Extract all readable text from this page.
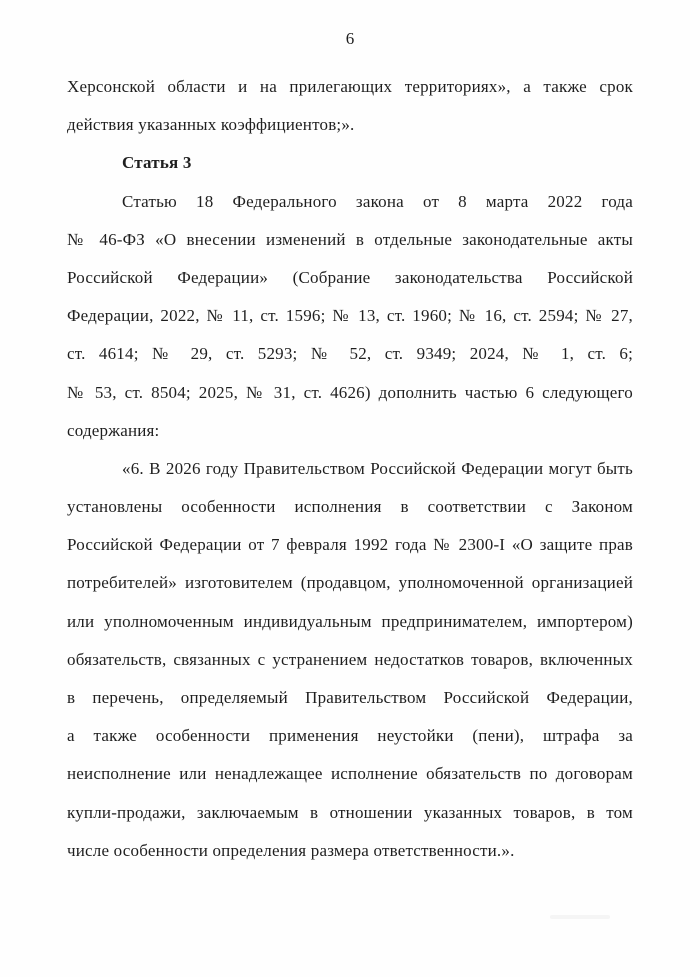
6
Херсонской области и на прилегающих территориях», а также срок
действия указанных коэффициентов;».
Статья 3
Статью 18 Федерального закона от 8 марта 2022 года
№ 46-ФЗ «О внесении изменений в отдельные законодательные акты
Российской Федерации» (Собрание законодательства Российской
Федерации, 2022, № 11, ст. 1596; № 13, ст. 1960; № 16, ст. 2594; № 27,
ст. 4614; № 29, ст. 5293; № 52, ст. 9349; 2024, № 1, ст. 6;
№ 53, ст. 8504; 2025, № 31, ст. 4626) дополнить частью 6 следующего
содержания:
«6. В 2026 году Правительством Российской Федерации могут быть
установлены особенности исполнения в соответствии с Законом
Российской Федерации от 7 февраля 1992 года № 2300-I «О защите прав
потребителей» изготовителем (продавцом, уполномоченной организацией
или уполномоченным индивидуальным предпринимателем, импортером)
обязательств, связанных с устранением недостатков товаров, включенных
в перечень, определяемый Правительством Российской Федерации,
а также особенности применения неустойки (пени), штрафа за
неисполнение или ненадлежащее исполнение обязательств по договорам
купли-продажи, заключаемым в отношении указанных товаров, в том
числе особенности определения размера ответственности.».
